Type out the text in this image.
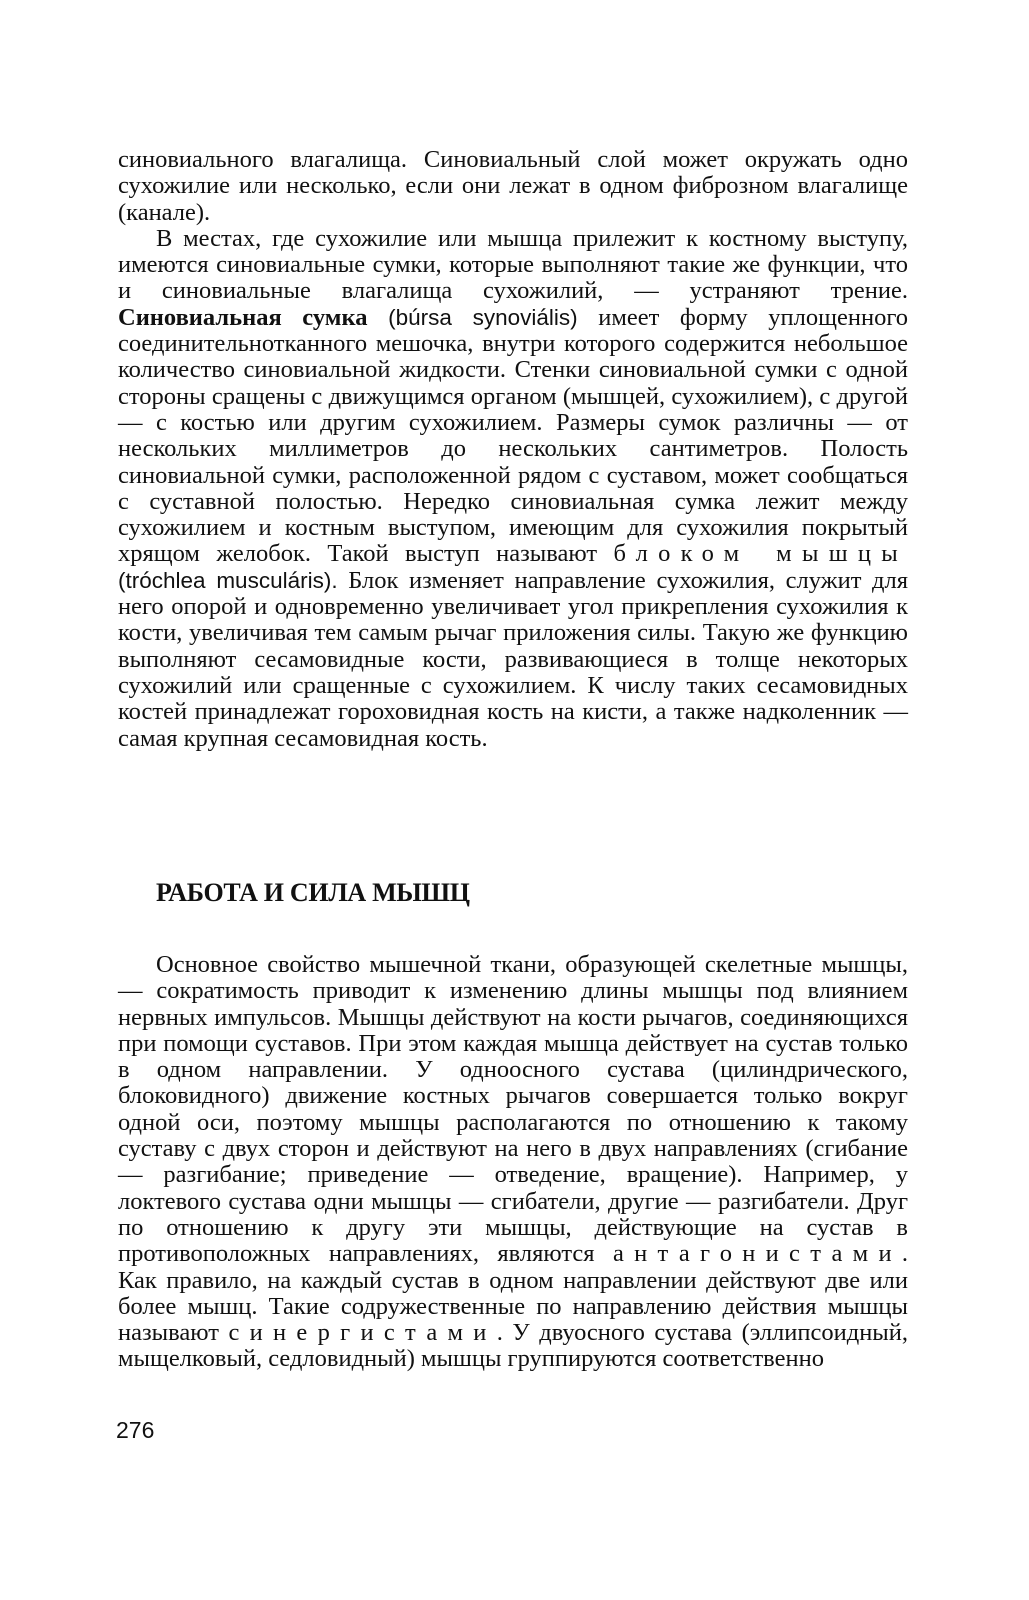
синовиального влагалища. Синовиальный слой может окружать одно сухожилие или несколько, если они лежат в одном фиброзном влагалище (канале).

В местах, где сухожилие или мышца прилежит к костному выступу, имеются синовиальные сумки, которые выполняют такие же функции, что и синовиальные влагалища сухожилий, — устраняют трение. Синовиальная сумка (búrsa synoviális) имеет форму уплощенного соединительнотканного мешочка, внутри которого содержится небольшое количество синовиальной жидкости. Стенки синовиальной сумки с одной стороны сращены с движущимся органом (мышцей, сухожилием), с другой — с костью или другим сухожилием. Размеры сумок различны — от нескольких миллиметров до нескольких сантиметров. Полость синовиальной сумки, расположенной рядом с суставом, может сообщаться с суставной полостью. Нередко синовиальная сумка лежит между сухожилием и костным выступом, имеющим для сухожилия покрытый хрящом желобок. Такой выступ называют блоком мышцы (tróchlea musculáris). Блок изменяет направление сухожилия, служит для него опорой и одновременно увеличивает угол прикрепления сухожилия к кости, увеличивая тем самым рычаг приложения силы. Такую же функцию выполняют сесамовидные кости, развивающиеся в толще некоторых сухожилий или сращенные с сухожилием. К числу таких сесамовидных костей принадлежат гороховидная кость на кисти, а также надколенник — самая крупная сесамовидная кость.

РАБОТА И СИЛА МЫШЦ

Основное свойство мышечной ткани, образующей скелетные мышцы, — сократимость приводит к изменению длины мышцы под влиянием нервных импульсов. Мышцы действуют на кости рычагов, соединяющихся при помощи суставов. При этом каждая мышца действует на сустав только в одном направлении. У одноосного сустава (цилиндрического, блоковидного) движение костных рычагов совершается только вокруг одной оси, поэтому мышцы располагаются по отношению к такому суставу с двух сторон и действуют на него в двух направлениях (сгибание — разгибание; приведение — отведение, вращение). Например, у локтевого сустава одни мышцы — сгибатели, другие — разгибатели. Друг по отношению к другу эти мышцы, действующие на сустав в противоположных направлениях, являются антагонистами. Как правило, на каждый сустав в одном направлении действуют две или более мышц. Такие содружественные по направлению действия мышцы называют синергистами. У двуосного сустава (эллипсоидный, мыщелковый, седловидный) мышцы группируются соответственно

276
